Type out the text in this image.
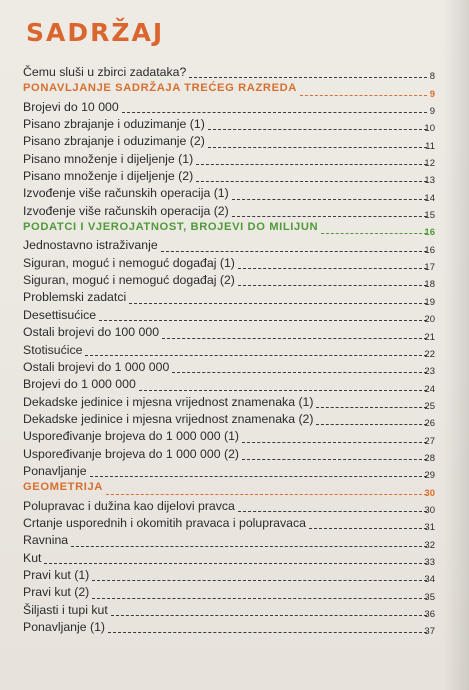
SADRŽAJ
Čemu sluši u zbirci zadataka?	8
PONAVLJANJE SADRŽAJA TREĆEG RAZREDA	9
Brojevi do 10 000	9
Pisano zbrajanje i oduzimanje (1)	10
Pisano zbrajanje i oduzimanje (2)	11
Pisano množenje i dijeljenje (1)	12
Pisano množenje i dijeljenje (2)	13
Izvođenje više računskih operacija (1)	14
Izvođenje više računskih operacija (2)	15
PODATCI I VJEROJATNOST, BROJEVI DO MILIJUN	16
Jednostavno istraživanje	16
Siguran, moguć i nemoguć događaj (1)	17
Siguran, moguć i nemoguć događaj (2)	18
Problemski zadatci	19
Desettisućice	20
Ostali brojevi do 100 000	21
Stotisućice	22
Ostali brojevi do 1 000 000	23
Brojevi do 1 000 000	24
Dekadske jedinice i mjesna vrijednost znamenaka (1)	25
Dekadske jedinice i mjesna vrijednost znamenaka (2)	26
Uspoređivanje brojeva do 1 000 000 (1)	27
Uspoređivanje brojeva do 1 000 000 (2)	28
Ponavljanje	29
GEOMETRIJA	30
Polupravac i dužina kao dijelovi pravca	30
Crtanje usporednih i okomitih pravaca i polupravaca	31
Ravnina	32
Kut	33
Pravi kut (1)	34
Pravi kut (2)	35
Šiljasti i tupi kut	36
Ponavljanje (1)	37
